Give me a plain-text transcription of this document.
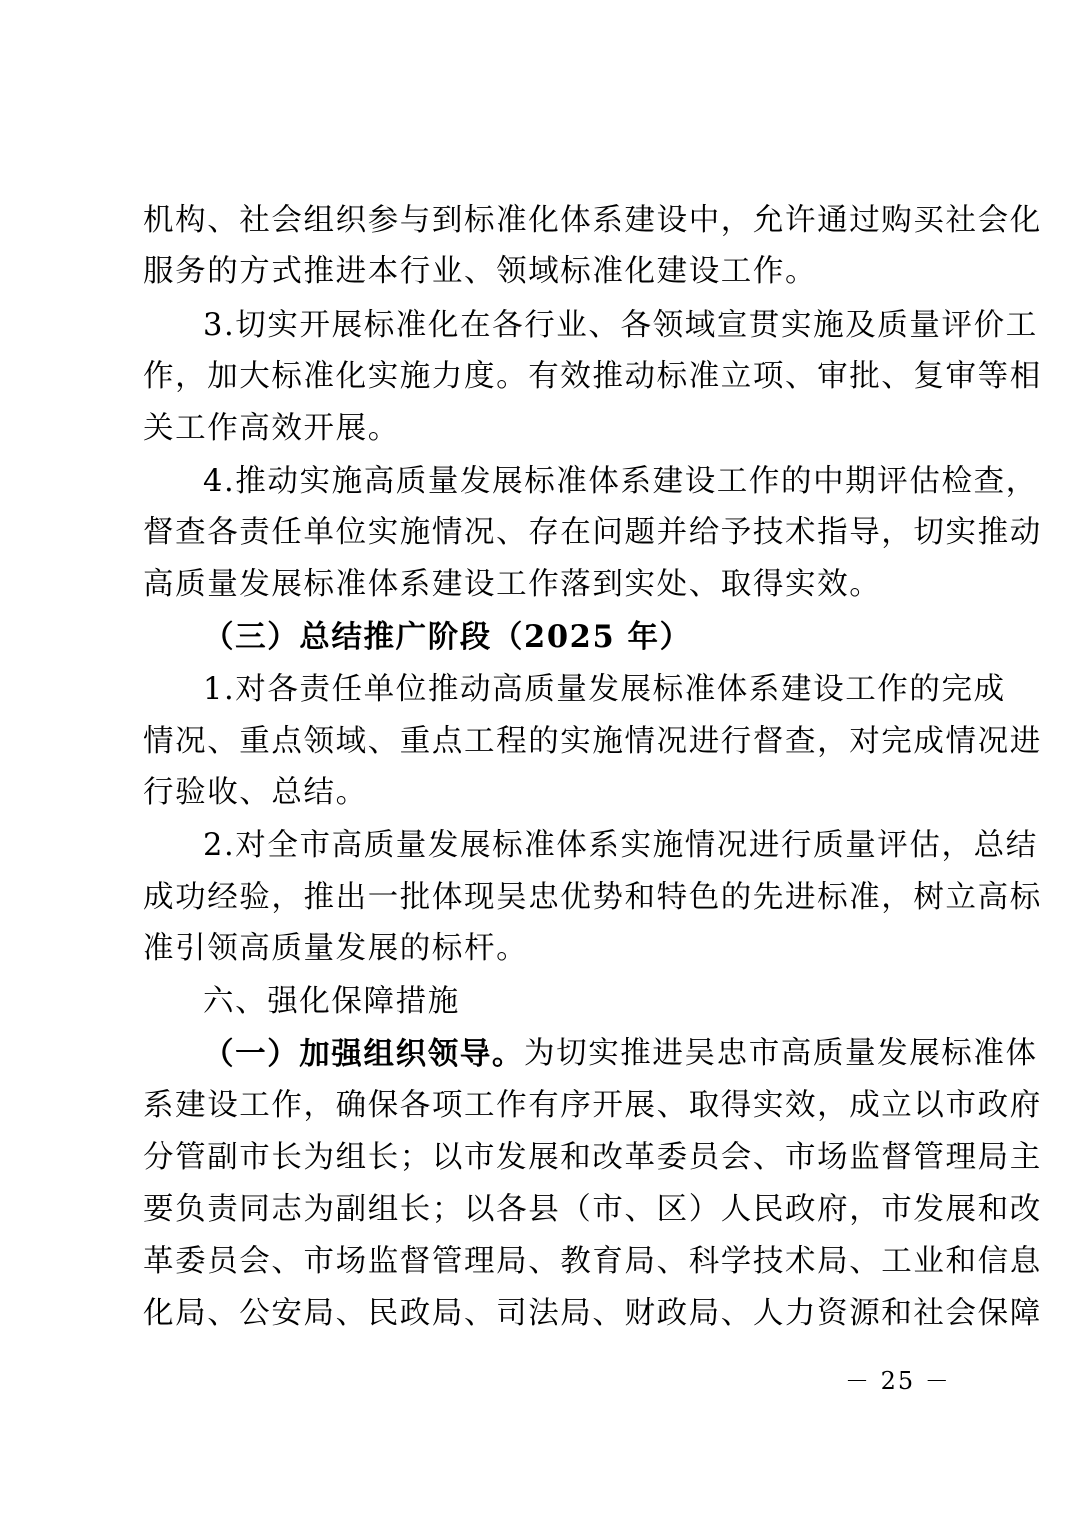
机构、社会组织参与到标准化体系建设中，允许通过购买社会化
服务的方式推进本行业、领域标准化建设工作。
3.切实开展标准化在各行业、各领域宣贯实施及质量评价工
作，加大标准化实施力度。有效推动标准立项、审批、复审等相
关工作高效开展。
4.推动实施高质量发展标准体系建设工作的中期评估检查，
督查各责任单位实施情况、存在问题并给予技术指导，切实推动
高质量发展标准体系建设工作落到实处、取得实效。
（三）总结推广阶段（2025 年）
1.对各责任单位推动高质量发展标准体系建设工作的完成
情况、重点领域、重点工程的实施情况进行督查，对完成情况进
行验收、总结。
2.对全市高质量发展标准体系实施情况进行质量评估，总结
成功经验，推出一批体现吴忠优势和特色的先进标准，树立高标
准引领高质量发展的标杆。
六、强化保障措施
（一）加强组织领导。 为切实推进吴忠市高质量发展标准体
系建设工作，确保各项工作有序开展、取得实效，成立以市政府
分管副市长为组长；以市发展和改革委员会、市场监督管理局主
要负责同志为副组长；以各县（市、区）人民政府，市发展和改
革委员会、市场监督管理局、教育局、科学技术局、工业和信息
化局、公安局、民政局、司法局、财政局、人力资源和社会保障
－ 25 －
